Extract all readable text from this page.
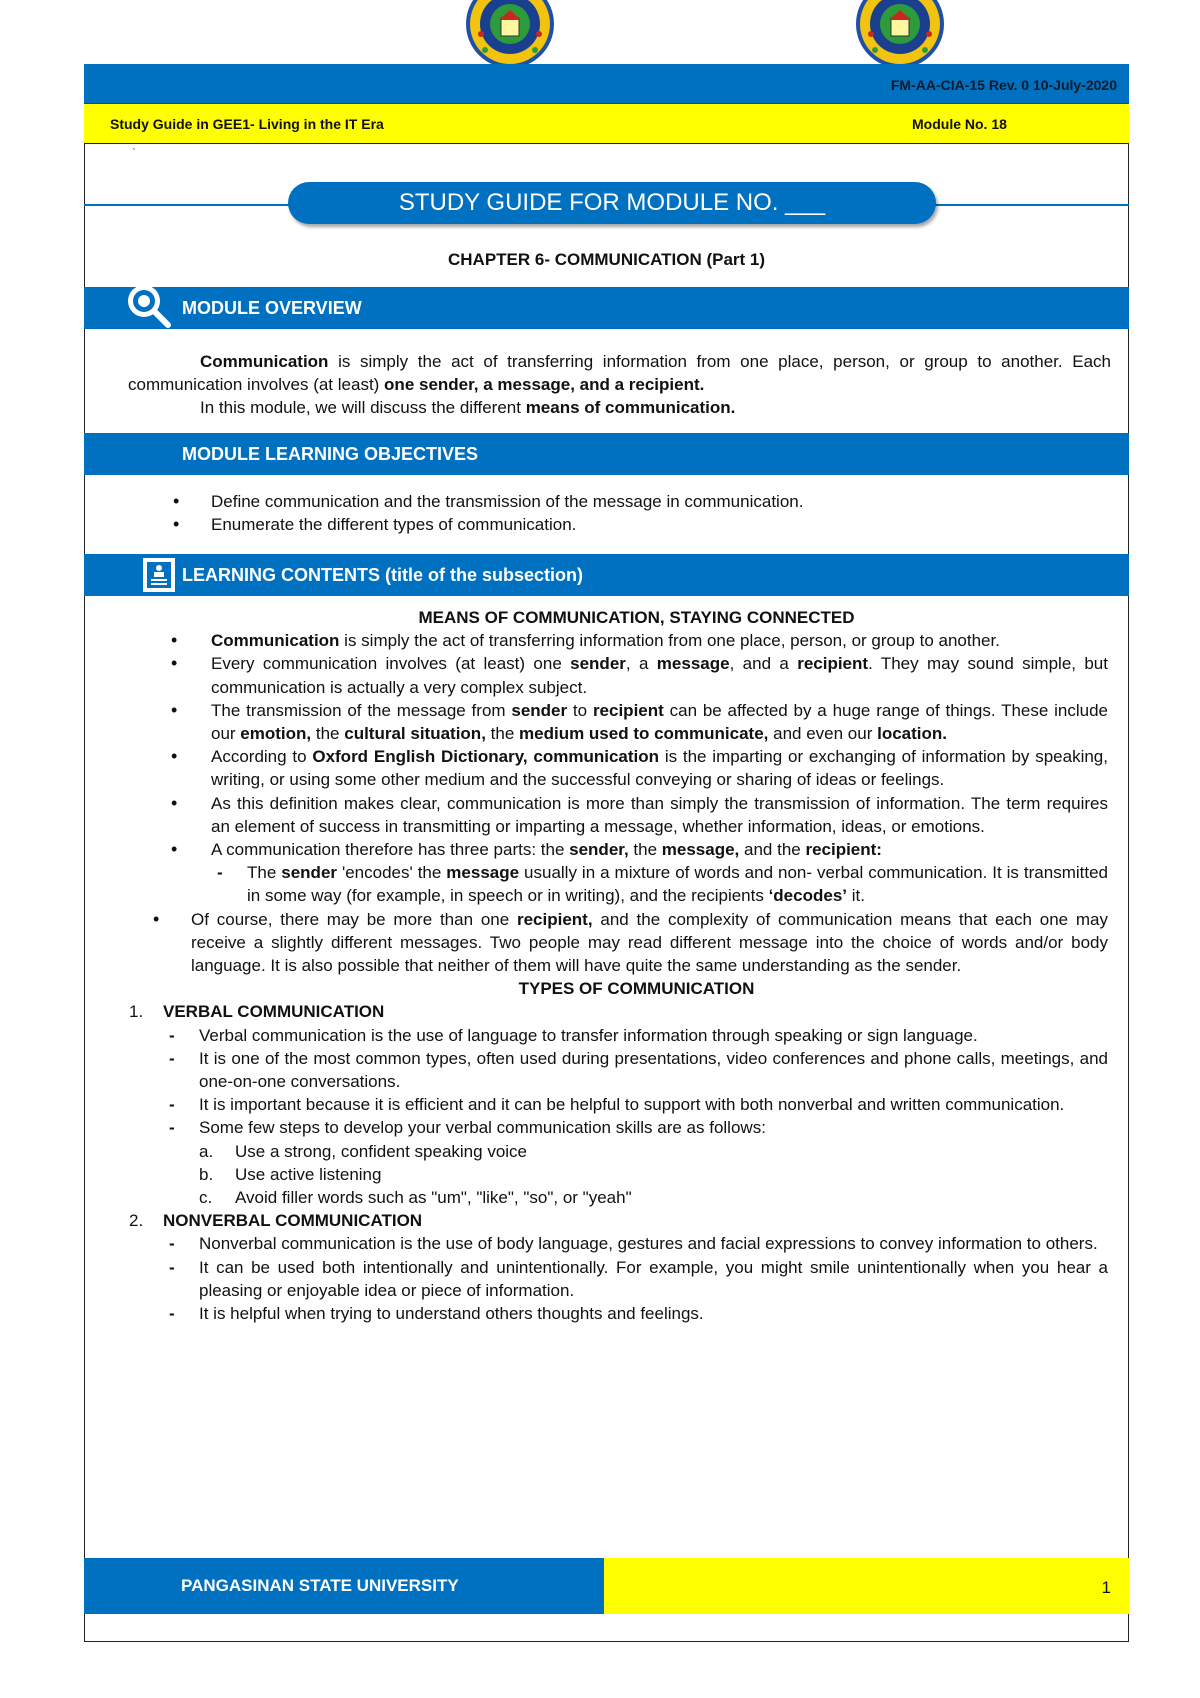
FM-AA-CIA-15 Rev. 0 10-July-2020
Study Guide in GEE1- Living in the IT Era	Module No. 18
`
STUDY GUIDE FOR MODULE NO. ___
CHAPTER 6- COMMUNICATION (Part 1)
MODULE OVERVIEW

Communication is simply the act of transferring information from one place, person, or group to another. Each communication involves (at least) one sender, a message, and a recipient.

In this module, we will discuss the different means of communication.

MODULE LEARNING OBJECTIVES
• Define communication and the transmission of the message in communication.
• Enumerate the different types of communication.
LEARNING CONTENTS (title of the subsection)

MEANS OF COMMUNICATION, STAYING CONNECTED

• Communication is simply the act of transferring information from one place, person, or group to another.
• Every communication involves (at least) one sender, a message, and a recipient. They may sound simple, but communication is actually a very complex subject.
• The transmission of the message from sender to recipient can be affected by a huge range of things. These include our emotion, the cultural situation, the medium used to communicate, and even our location.
• According to Oxford English Dictionary, communication is the imparting or exchanging of information by speaking, writing, or using some other medium and the successful conveying or sharing of ideas or feelings.
• As this definition makes clear, communication is more than simply the transmission of information. The term requires an element of success in transmitting or imparting a message, whether information, ideas, or emotions.
• A communication therefore has three parts: the sender, the message, and the recipient:
- The sender 'encodes' the message usually in a mixture of words and non- verbal communication. It is transmitted in some way (for example, in speech or in writing), and the recipients ‘decodes’ it.
• Of course, there may be more than one recipient, and the complexity of communication means that each one may receive a slightly different messages. Two people may read different message into the choice of words and/or body language. It is also possible that neither of them will have quite the same understanding as the sender.

TYPES OF COMMUNICATION

1. VERBAL COMMUNICATION
- Verbal communication is the use of language to transfer information through speaking or sign language.
- It is one of the most common types, often used during presentations, video conferences and phone calls, meetings, and one-on-one conversations.
- It is important because it is efficient and it can be helpful to support with both nonverbal and written communication.
- Some few steps to develop your verbal communication skills are as follows:
a. Use a strong, confident speaking voice
b. Use active listening
c. Avoid filler words such as "um", "like", "so", or "yeah"
2. NONVERBAL COMMUNICATION
- Nonverbal communication is the use of body language, gestures and facial expressions to convey information to others.
- It can be used both intentionally and unintentionally. For example, you might smile unintentionally when you hear a pleasing or enjoyable idea or piece of information.
- It is helpful when trying to understand others thoughts and feelings.
PANGASINAN STATE UNIVERSITY	1
